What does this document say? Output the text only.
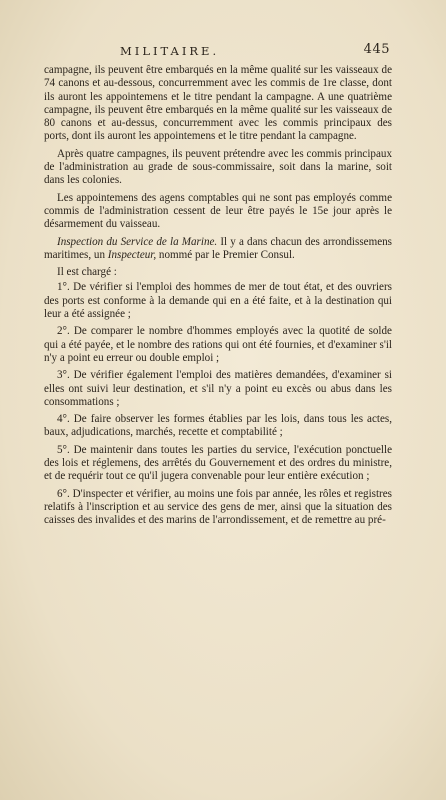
MILITAIRE.	445

campagne, ils peuvent être embarqués en la même qualité sur les vaisseaux de 74 canons et au-dessous, concurremment avec les commis de 1re classe, dont ils auront les appointemens et le titre pendant la campagne. A une quatrième campagne, ils peuvent être embarqués en la même qualité sur les vaisseaux de 80 canons et au-dessus, concurremment avec les commis principaux des ports, dont ils auront les appointemens et le titre pendant la campagne.

Après quatre campagnes, ils peuvent prétendre avec les commis principaux de l'administration au grade de sous-commissaire, soit dans la marine, soit dans les colonies.

Les appointemens des agens comptables qui ne sont pas employés comme commis de l'administration cessent de leur être payés le 15e jour après le désarmement du vaisseau.

Inspection du Service de la Marine. Il y a dans chacun des arrondissemens maritimes, un Inspecteur, nommé par le Premier Consul.

Il est chargé :

1°. De vérifier si l'emploi des hommes de mer de tout état, et des ouvriers des ports est conforme à la demande qui en a été faite, et à la destination qui leur a été assignée ;

2°. De comparer le nombre d'hommes employés avec la quotité de solde qui a été payée, et le nombre des rations qui ont été fournies, et d'examiner s'il n'y a point eu erreur ou double emploi ;

3°. De vérifier également l'emploi des matières demandées, d'examiner si elles ont suivi leur destination, et s'il n'y a point eu excès ou abus dans les consommations ;

4°. De faire observer les formes établies par les lois, dans tous les actes, baux, adjudications, marchés, recette et comptabilité ;

5°. De maintenir dans toutes les parties du service, l'exécution ponctuelle des lois et réglemens, des arrêtés du Gouvernement et des ordres du ministre, et de requérir tout ce qu'il jugera convenable pour leur entière exécution ;

6°. D'inspecter et vérifier, au moins une fois par année, les rôles et registres relatifs à l'inscription et au service des gens de mer, ainsi que la situation des caisses des invalides et des marins de l'arrondissement, et de remettre au pré-
